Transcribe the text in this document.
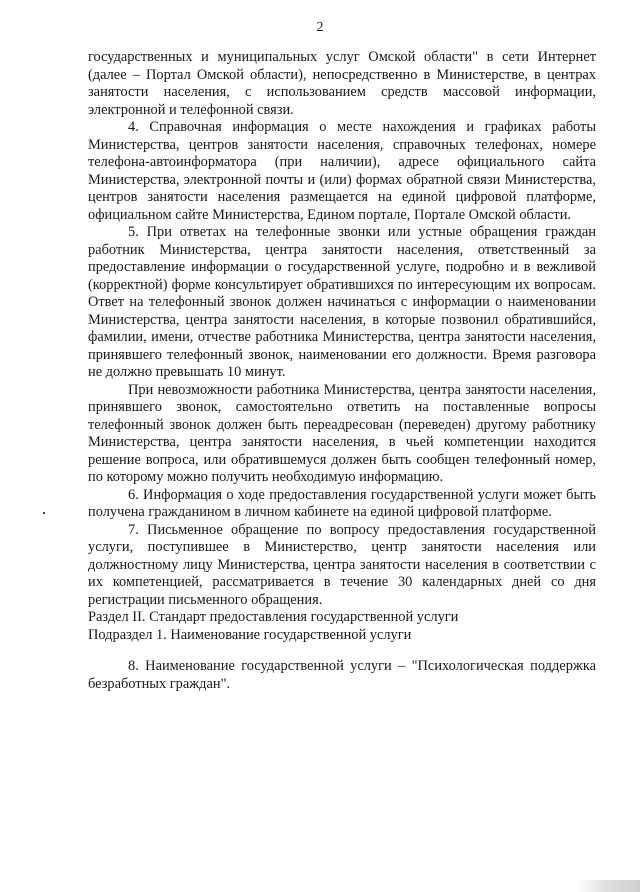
2

государственных и муниципальных услуг Омской области" в сети Интернет (далее – Портал Омской области), непосредственно в Министерстве, в центрах занятости населения, с использованием средств массовой информации, электронной и телефонной связи.

4. Справочная информация о месте нахождения и графиках работы Министерства, центров занятости населения, справочных телефонах, номере телефона-автоинформатора (при наличии), адресе официального сайта Министерства, электронной почты и (или) формах обратной связи Министерства, центров занятости населения размещается на единой цифровой платформе, официальном сайте Министерства, Едином портале, Портале Омской области.

5. При ответах на телефонные звонки или устные обращения граждан работник Министерства, центра занятости населения, ответственный за предоставление информации о государственной услуге, подробно и в вежливой (корректной) форме консультирует обратившихся по интересующим их вопросам. Ответ на телефонный звонок должен начинаться с информации о наименовании Министерства, центра занятости населения, в которые позвонил обратившийся, фамилии, имени, отчестве работника Министерства, центра занятости населения, принявшего телефонный звонок, наименовании его должности. Время разговора не должно превышать 10 минут.

При невозможности работника Министерства, центра занятости населения, принявшего звонок, самостоятельно ответить на поставленные вопросы телефонный звонок должен быть переадресован (переведен) другому работнику Министерства, центра занятости населения, в чьей компетенции находится решение вопроса, или обратившемуся должен быть сообщен телефонный номер, по которому можно получить необходимую информацию.

6. Информация о ходе предоставления государственной услуги может быть получена гражданином в личном кабинете на единой цифровой платформе.

7. Письменное обращение по вопросу предоставления государственной услуги, поступившее в Министерство, центр занятости населения или должностному лицу Министерства, центра занятости населения в соответствии с их компетенцией, рассматривается в течение 30 календарных дней со дня регистрации письменного обращения.

Раздел II. Стандарт предоставления государственной услуги

Подраздел 1. Наименование государственной услуги

8. Наименование государственной услуги – "Психологическая поддержка безработных граждан".
